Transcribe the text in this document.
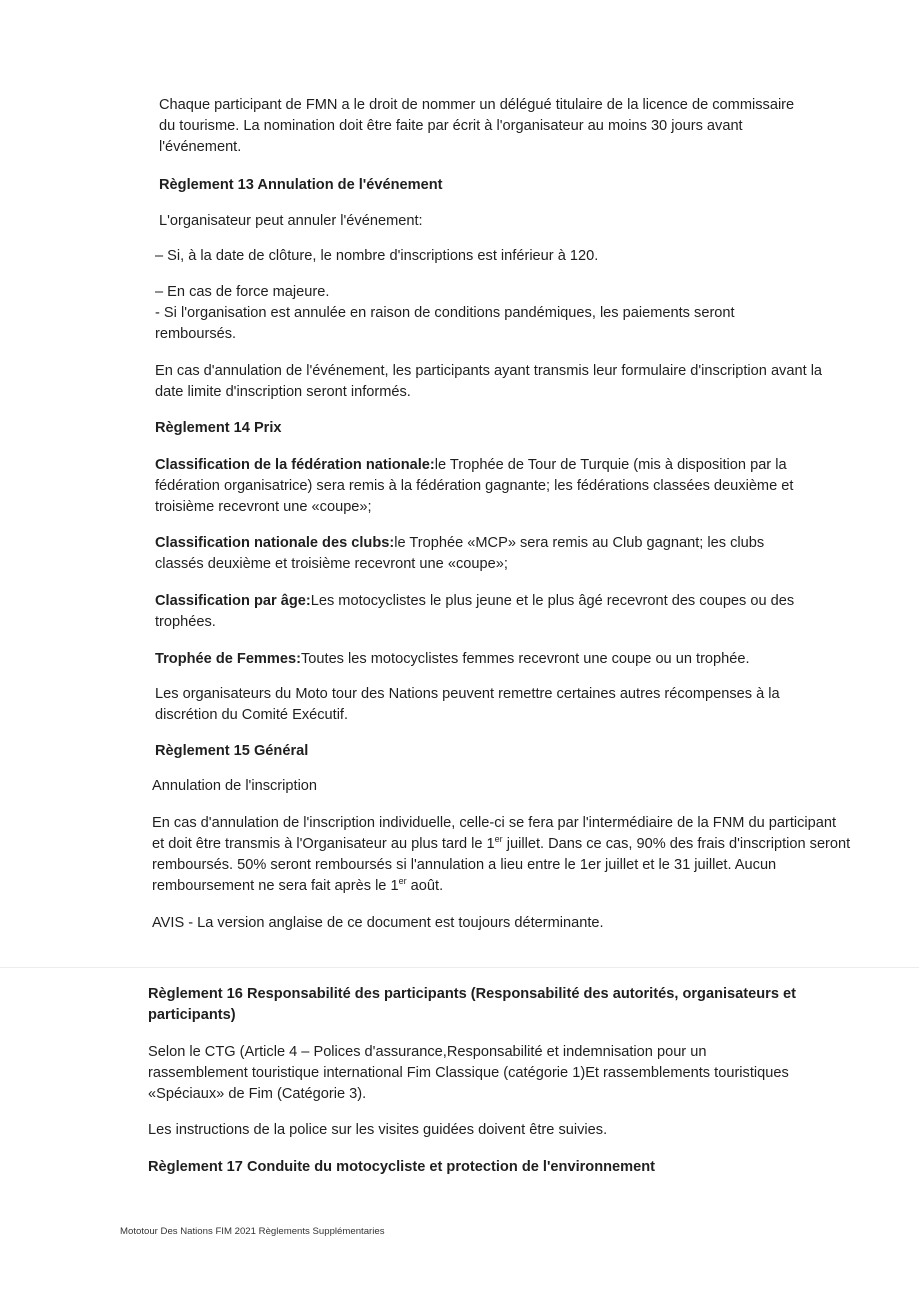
Chaque participant de FMN a le droit de nommer un délégué titulaire de la licence de commissaire du tourisme. La nomination doit être faite par écrit à l'organisateur au moins 30 jours avant l'événement.

Règlement 13 Annulation de l'événement

L'organisateur peut annuler l'événement:

– Si, à la date de clôture, le nombre d'inscriptions est inférieur à 120.

– En cas de force majeure.

- Si l'organisation est annulée en raison de conditions pandémiques, les paiements seront remboursés.

En cas d'annulation de l'événement, les participants ayant transmis leur formulaire d'inscription avant la date limite d'inscription seront informés.

Règlement 14 Prix

Classification de la fédération nationale:le Trophée de Tour de Turquie (mis à disposition par la fédération organisatrice) sera remis à la fédération gagnante; les fédérations classées deuxième et troisième recevront une «coupe»;

Classification nationale des clubs:le Trophée «MCP» sera remis au Club gagnant; les clubs classés deuxième et troisième recevront une «coupe»;

Classification par âge:Les motocyclistes le plus jeune et le plus âgé recevront des coupes ou des trophées.

Trophée de Femmes:Toutes les motocyclistes femmes recevront une coupe ou un trophée.

Les organisateurs du Moto tour des Nations peuvent remettre certaines autres récompenses à la discrétion du Comité Exécutif.

Règlement 15 Général

Annulation de l'inscription

En cas d'annulation de l'inscription individuelle, celle-ci se fera par l'intermédiaire de la FNM du participant et doit être transmis à l'Organisateur au plus tard le 1er juillet. Dans ce cas, 90% des frais d'inscription seront remboursés. 50% seront remboursés si l'annulation a lieu entre le 1er juillet et le 31 juillet. Aucun remboursement ne sera fait après le 1er août.

AVIS - La version anglaise de ce document est toujours déterminante.

Règlement 16 Responsabilité des participants (Responsabilité des autorités, organisateurs et participants)

Selon le CTG (Article 4 – Polices d'assurance,Responsabilité et indemnisation pour un rassemblement touristique international Fim Classique (catégorie 1)Et rassemblements touristiques «Spéciaux» de Fim (Catégorie 3).

Les instructions de la police sur les visites guidées doivent être suivies.

Règlement 17 Conduite du motocycliste et protection de l'environnement

Mototour Des Nations FIM 2021 Règlements Supplémentaries
